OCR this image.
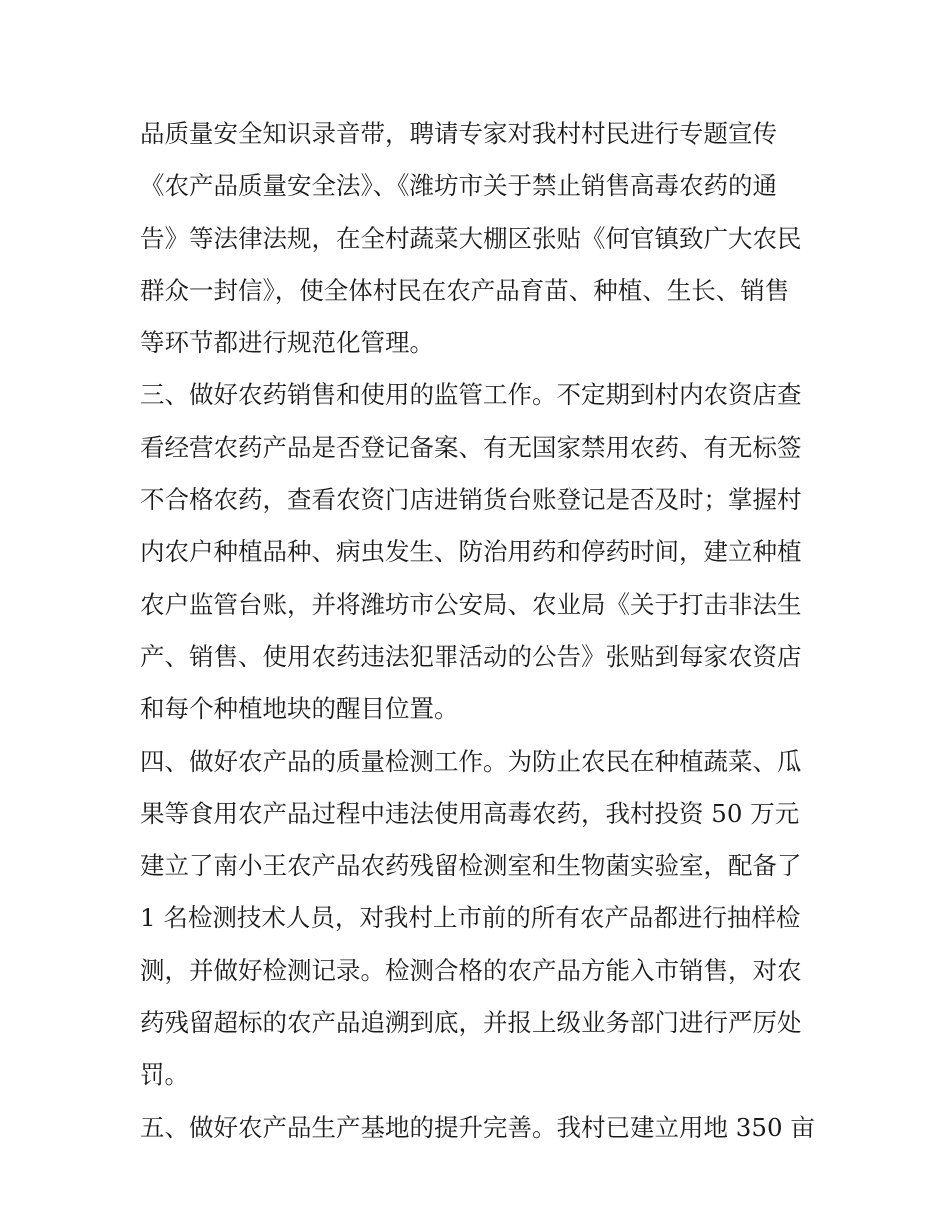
品质量安全知识录音带，聘请专家对我村村民进行专题宣传
《农产品质量安全法》、《潍坊市关于禁止销售高毒农药的通
告》等法律法规，在全村蔬菜大棚区张贴《何官镇致广大农民
群众一封信》，使全体村民在农产品育苗、种植、生长、销售
等环节都进行规范化管理。
三、做好农药销售和使用的监管工作。不定期到村内农资店查
看经营农药产品是否登记备案、有无国家禁用农药、有无标签
不合格农药，查看农资门店进销货台账登记是否及时；掌握村
内农户种植品种、病虫发生、防治用药和停药时间，建立种植
农户监管台账，并将潍坊市公安局、农业局《关于打击非法生
产、销售、使用农药违法犯罪活动的公告》张贴到每家农资店
和每个种植地块的醒目位置。
四、做好农产品的质量检测工作。为防止农民在种植蔬菜、瓜
果等食用农产品过程中违法使用高毒农药，我村投资 50 万元
建立了南小王农产品农药残留检测室和生物菌实验室，配备了
1 名检测技术人员，对我村上市前的所有农产品都进行抽样检
测，并做好检测记录。检测合格的农产品方能入市销售，对农
药残留超标的农产品追溯到底，并报上级业务部门进行严厉处
罚。
五、做好农产品生产基地的提升完善。我村已建立用地 350 亩
